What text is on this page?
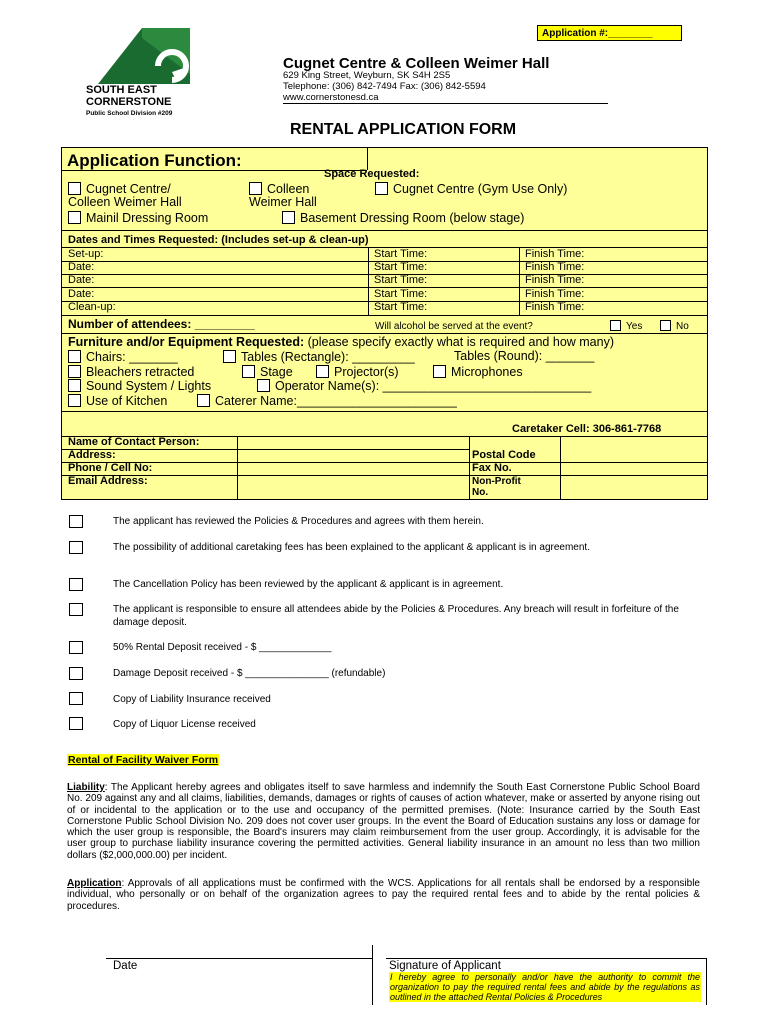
Application #:________
SOUTH EAST
CORNERSTONE
Public School Division #209
Cugnet Centre & Colleen Weimer Hall
629 King Street, Weyburn, SK S4H 2S5
Telephone: (306) 842-7494 Fax: (306) 842-5594
www.cornerstonesd.ca
RENTAL APPLICATION FORM
Application Function:
Space Requested:
Cugnet Centre/
Colleen Weimer Hall
Colleen
Weimer Hall
Cugnet Centre (Gym Use Only)
Mainil Dressing Room	Basement Dressing Room (below stage)
Dates and Times Requested: (Includes set-up & clean-up)
Set-up:	Start Time:	Finish Time:
Date:	Start Time:	Finish Time:
Date:	Start Time:	Finish Time:
Date:	Start Time:	Finish Time:
Clean-up:	Start Time:	Finish Time:
Number of attendees: _________	Will alcohol be served at the event?	Yes	No
Furniture and/or Equipment Requested: (please specify exactly what is required and how many)
Chairs: _______	Tables (Rectangle): _________	Tables (Round): _______
Bleachers retracted	Stage	Projector(s)	Microphones
Sound System / Lights	Operator Name(s): ______________________________
Use of Kitchen	Caterer Name:_______________________
Caretaker Cell: 306-861-7768
Name of Contact Person:
Address:	Postal Code
Phone / Cell No:	Fax No.
Email Address:	Non-Profit
No.
The applicant has reviewed the Policies & Procedures and agrees with them herein.
The possibility of additional caretaking fees has been explained to the applicant & applicant is in agreement.
The Cancellation Policy has been reviewed by the applicant & applicant is in agreement.
The applicant is responsible to ensure all attendees abide by the Policies & Procedures. Any breach will result in forfeiture of the damage deposit.
50% Rental Deposit received - $ _____________
Damage Deposit received - $ _______________ (refundable)
Copy of Liability Insurance received
Copy of Liquor License received
Rental of Facility Waiver Form
Liability: The Applicant hereby agrees and obligates itself to save harmless and indemnify the South East Cornerstone Public School Board No. 209 against any and all claims, liabilities, demands, damages or rights of causes of action whatever, make or asserted by anyone rising out of or incidental to the application or to the use and occupancy of the permitted premises. (Note: Insurance carried by the South East Cornerstone Public School Division No. 209 does not cover user groups. In the event the Board of Education sustains any loss or damage for which the user group is responsible, the Board's insurers may claim reimbursement from the user group. Accordingly, it is advisable for the user group to purchase liability insurance covering the permitted activities. General liability insurance in an amount no less than two million dollars ($2,000,000.00) per incident.
Application: Approvals of all applications must be confirmed with the WCS. Applications for all rentals shall be endorsed by a responsible individual, who personally or on behalf of the organization agrees to pay the required rental fees and to abide by the rental policies & procedures.
Date	Signature of Applicant
I hereby agree to personally and/or have the authority to commit the organization to pay the required rental fees and abide by the regulations as outlined in the attached Rental Policies & Procedures
